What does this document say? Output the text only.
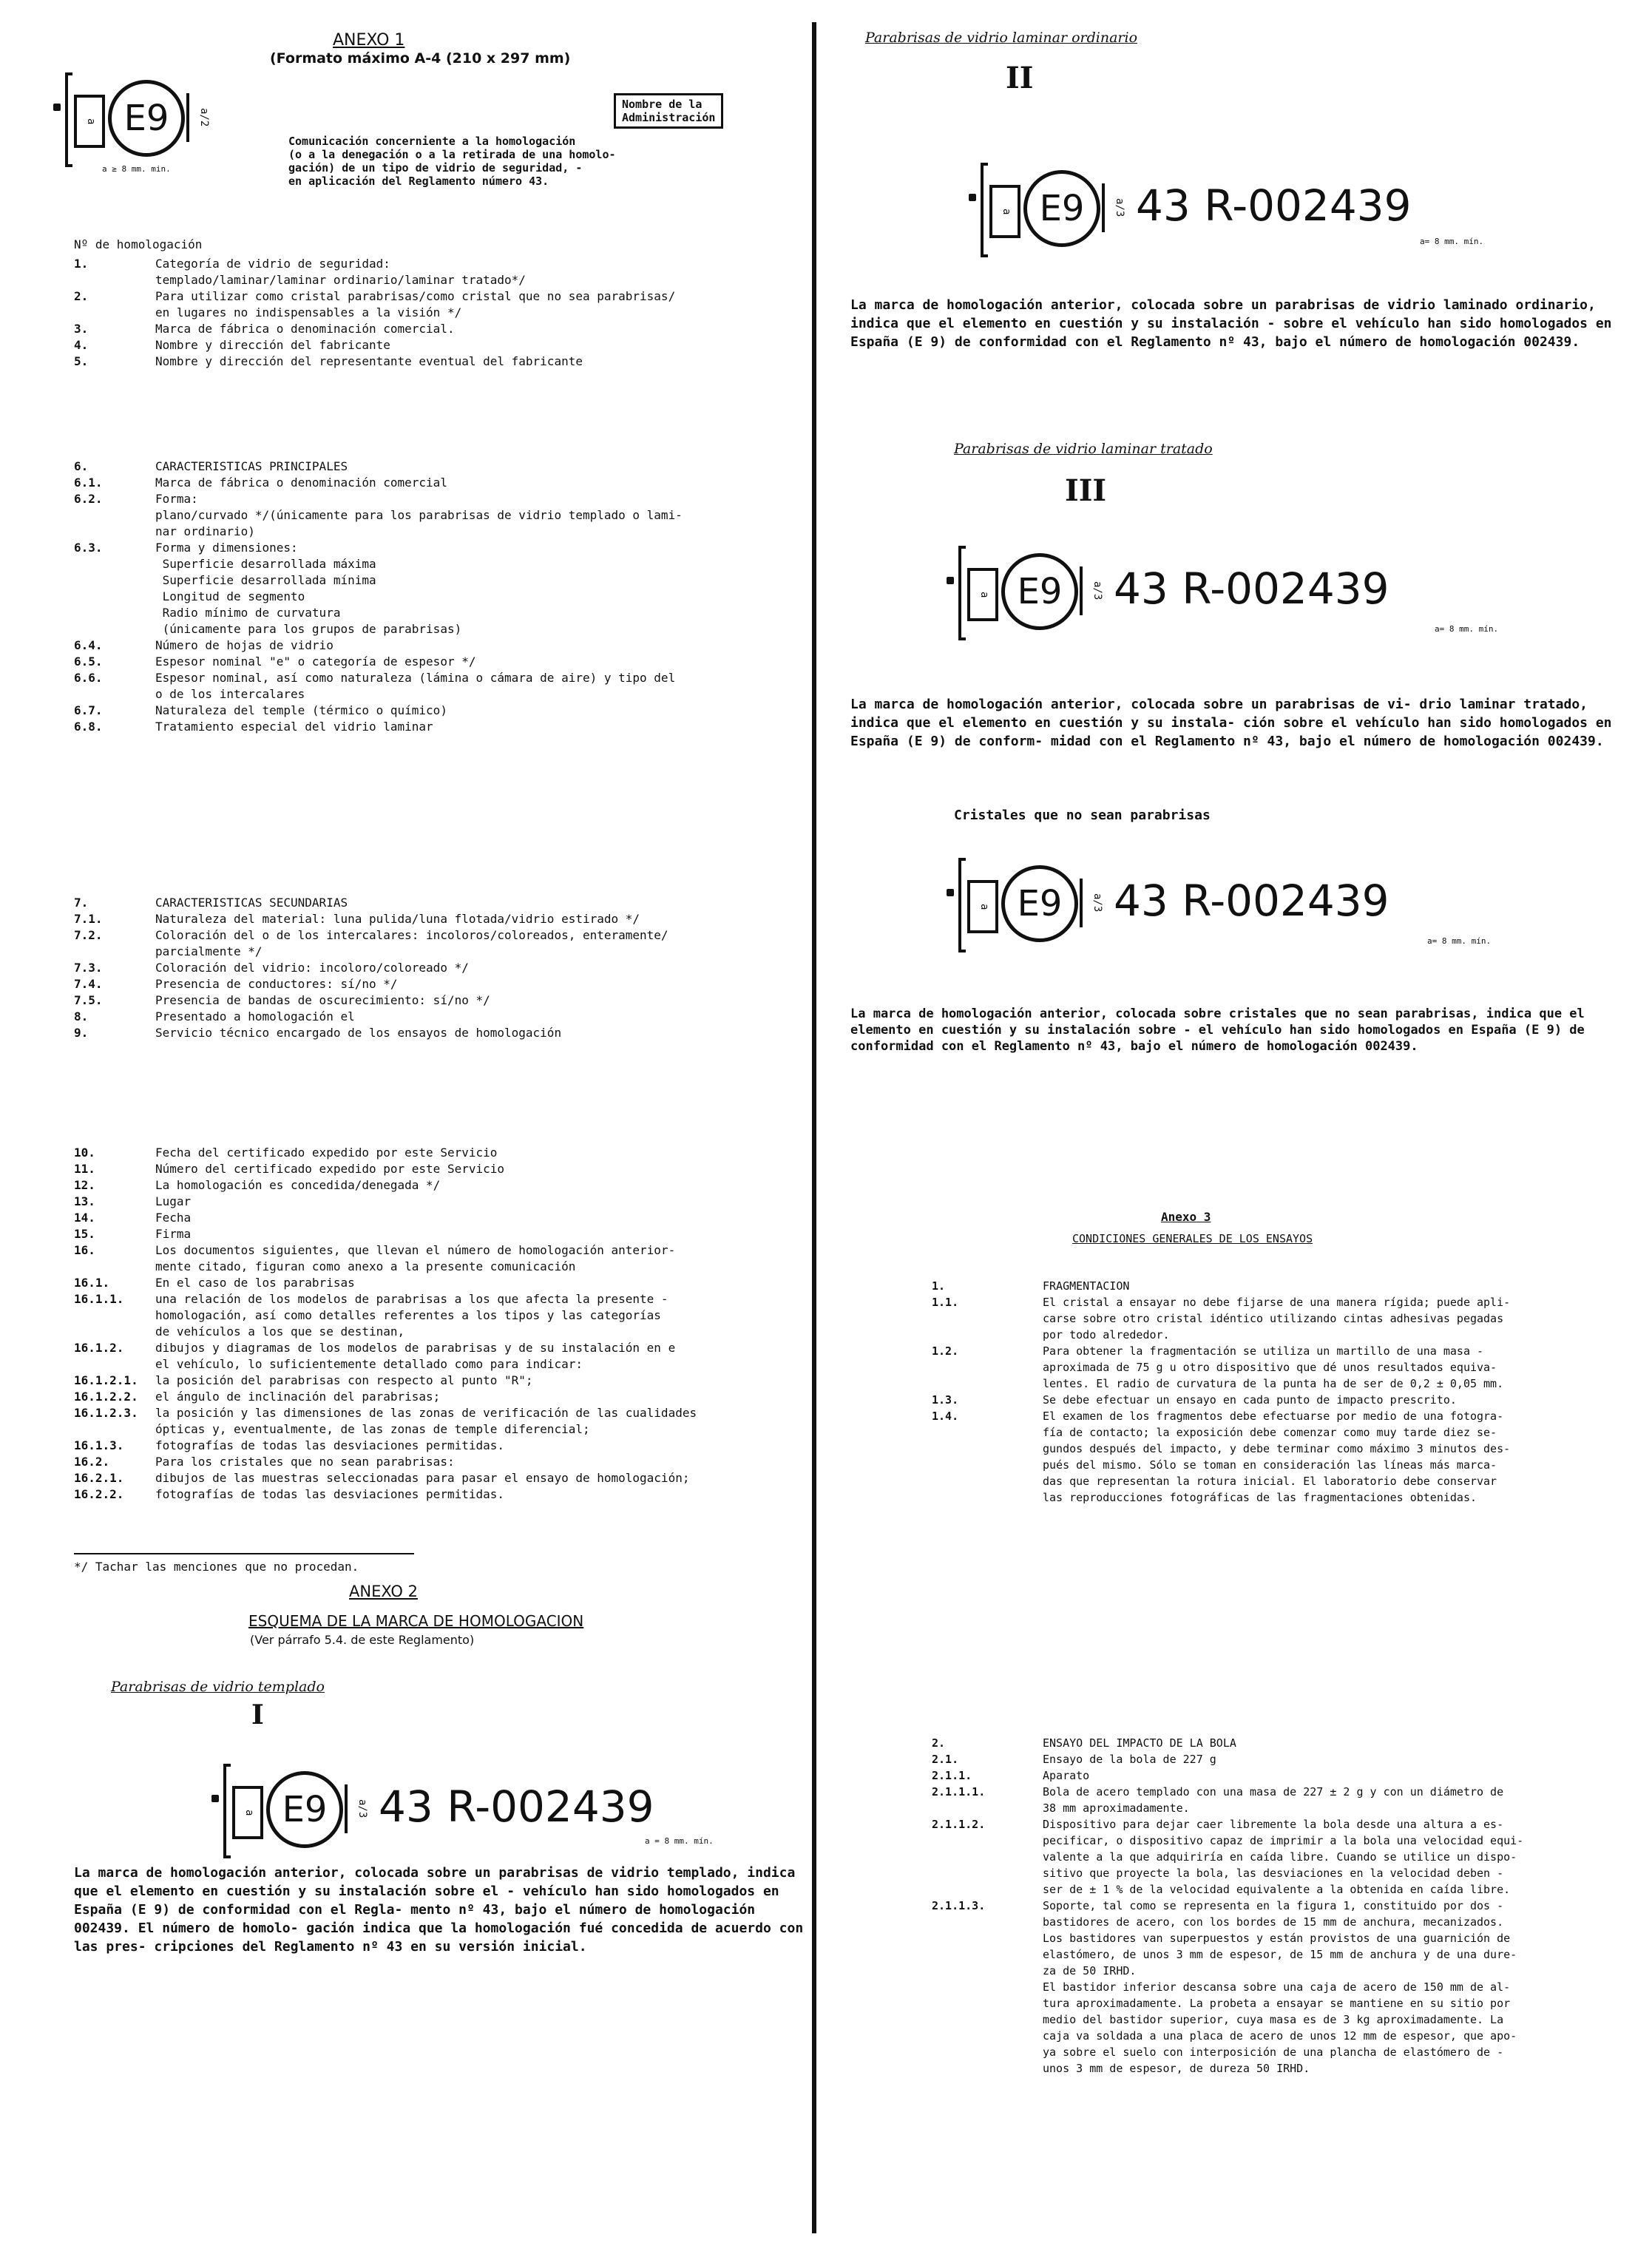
ANEXO 1
(Formato máximo A-4 (210 x 297 mm)
a E9	a/2
a ≥ 8 mm. min.
Nombre de la
Administración
Comunicación concerniente a la homologación
(o a la denegación o a la retirada de una homolo-
gación) de un tipo de vidrio de seguridad, -
en aplicación del Reglamento número 43.
Nº de homologación
1.	Categoría de vidrio de seguridad:
templado/laminar/laminar ordinario/laminar tratado*/
2.	Para utilizar como cristal parabrisas/como cristal que no sea parabrisas/
en lugares no indispensables a la visión */
3.	Marca de fábrica o denominación comercial.
4.	Nombre y dirección del fabricante
5.	Nombre y dirección del representante eventual del fabricante
6.	CARACTERISTICAS PRINCIPALES
6.1.	Marca de fábrica o denominación comercial
6.2.	Forma:
plano/curvado */(únicamente para los parabrisas de vidrio templado o lami-
nar ordinario)
6.3.	Forma y dimensiones:
Superficie desarrollada máxima
Superficie desarrollada mínima
Longitud de segmento
Radio mínimo de curvatura
(únicamente para los grupos de parabrisas)
6.4.	Número de hojas de vidrio
6.5.	Espesor nominal "e" o categoría de espesor */
6.6.	Espesor nominal, así como naturaleza (lámina o cámara de aire) y tipo del
o de los intercalares
6.7.	Naturaleza del temple (térmico o químico)
6.8.	Tratamiento especial del vidrio laminar
7.	CARACTERISTICAS SECUNDARIAS
7.1.	Naturaleza del material: luna pulida/luna flotada/vidrio estirado */
7.2.	Coloración del o de los intercalares: incoloros/coloreados, enteramente/
parcialmente */
7.3.	Coloración del vidrio: incoloro/coloreado */
7.4.	Presencia de conductores: sí/no */
7.5.	Presencia de bandas de oscurecimiento: sí/no */
8.	Presentado a homologación el
9.	Servicio técnico encargado de los ensayos de homologación
10.	Fecha del certificado expedido por este Servicio
11.	Número del certificado expedido por este Servicio
12.	La homologación es concedida/denegada */
13.	Lugar
14.	Fecha
15.	Firma
16.	Los documentos siguientes, que llevan el número de homologación anterior-
mente citado, figuran como anexo a la presente comunicación
16.1.	En el caso de los parabrisas
16.1.1.	una relación de los modelos de parabrisas a los que afecta la presente -
homologación, así como detalles referentes a los tipos y las categorías
de vehículos a los que se destinan,
16.1.2.	dibujos y diagramas de los modelos de parabrisas y de su instalación en e
el vehículo, lo suficientemente detallado como para indicar:
16.1.2.1. la posición del parabrisas con respecto al punto "R";
16.1.2.2. el ángulo de inclinación del parabrisas;
16.1.2.3. la posición y las dimensiones de las zonas de verificación de las cualidades
ópticas y, eventualmente, de las zonas de temple diferencial;
16.1.3.	fotografías de todas las desviaciones permitidas.
16.2.	Para los cristales que no sean parabrisas:
16.2.1.	dibujos de las muestras seleccionadas para pasar el ensayo de homologación;
16.2.2.	fotografías de todas las desviaciones permitidas.
*/ Tachar las menciones que no procedan.
ANEXO 2
ESQUEMA DE LA MARCA DE HOMOLOGACION
(Ver párrafo 5.4. de este Reglamento)
Parabrisas de vidrio templado
I
a E9	a/3 43 R-002439
a = 8 mm. mín.
La marca de homologación anterior, colocada sobre un parabrisas de vidrio templado, indica que el elemento en cuestión y su instalación sobre el - vehículo han sido homologados en España (E 9) de conformidad con el Regla- mento nº 43, bajo el número de homologación 002439. El número de homolo- gación indica que la homologación fué concedida de acuerdo con las pres- cripciones del Reglamento nº 43 en su versión inicial.
Parabrisas de vidrio laminar ordinario
II
a E9	a/3 43 R-002439
a= 8 mm. mín.
La marca de homologación anterior, colocada sobre un parabrisas de vidrio laminado ordinario, indica que el elemento en cuestión y su instalación - sobre el vehículo han sido homologados en España (E 9) de conformidad con el Reglamento nº 43, bajo el número de homologación 002439.
Parabrisas de vidrio laminar tratado
III
a E9	a/3 43 R-002439
a= 8 mm. mín.
La marca de homologación anterior, colocada sobre un parabrisas de vi- drio laminar tratado, indica que el elemento en cuestión y su instala- ción sobre el vehículo han sido homologados en España (E 9) de conform- midad con el Reglamento nº 43, bajo el número de homologación 002439.
Cristales que no sean parabrisas
a E9	a/3 43 R-002439
a= 8 mm. mín.
La marca de homologación anterior, colocada sobre cristales que no sean parabrisas, indica que el elemento en cuestión y su instalación sobre - el vehículo han sido homologados en España (E 9) de conformidad con el Reglamento nº 43, bajo el número de homologación 002439.
Anexo 3
CONDICIONES GENERALES DE LOS ENSAYOS
1.	FRAGMENTACION
1.1.	El cristal a ensayar no debe fijarse de una manera rígida; puede apli-
carse sobre otro cristal idéntico utilizando cintas adhesivas pegadas
por todo alrededor.
1.2.	Para obtener la fragmentación se utiliza un martillo de una masa -
aproximada de 75 g u otro dispositivo que dé unos resultados equiva-
lentes. El radio de curvatura de la punta ha de ser de 0,2 ± 0,05 mm.
1.3.	Se debe efectuar un ensayo en cada punto de impacto prescrito.
1.4.	El examen de los fragmentos debe efectuarse por medio de una fotogra-
fía de contacto; la exposición debe comenzar como muy tarde diez se-
gundos después del impacto, y debe terminar como máximo 3 minutos des-
pués del mismo. Sólo se toman en consideración las líneas más marca-
das que representan la rotura inicial. El laboratorio debe conservar
las reproducciones fotográficas de las fragmentaciones obtenidas.
2.	ENSAYO DEL IMPACTO DE LA BOLA
2.1.	Ensayo de la bola de 227 g
2.1.1.	Aparato
2.1.1.1.	Bola de acero templado con una masa de 227 ± 2 g y con un diámetro de
38 mm aproximadamente.
2.1.1.2.	Dispositivo para dejar caer libremente la bola desde una altura a es-
pecificar, o dispositivo capaz de imprimir a la bola una velocidad equi-
valente a la que adquiriría en caída libre. Cuando se utilice un dispo-
sitivo que proyecte la bola, las desviaciones en la velocidad deben -
ser de ± 1 % de la velocidad equivalente a la obtenida en caída libre.
2.1.1.3.	Soporte, tal como se representa en la figura 1, constituido por dos -
bastidores de acero, con los bordes de 15 mm de anchura, mecanizados.
Los bastidores van superpuestos y están provistos de una guarnición de
elastómero, de unos 3 mm de espesor, de 15 mm de anchura y de una dure-
za de 50 IRHD.
El bastidor inferior descansa sobre una caja de acero de 150 mm de al-
tura aproximadamente. La probeta a ensayar se mantiene en su sitio por
medio del bastidor superior, cuya masa es de 3 kg aproximadamente. La
caja va soldada a una placa de acero de unos 12 mm de espesor, que apo-
ya sobre el suelo con interposición de una plancha de elastómero de -
unos 3 mm de espesor, de dureza 50 IRHD.
